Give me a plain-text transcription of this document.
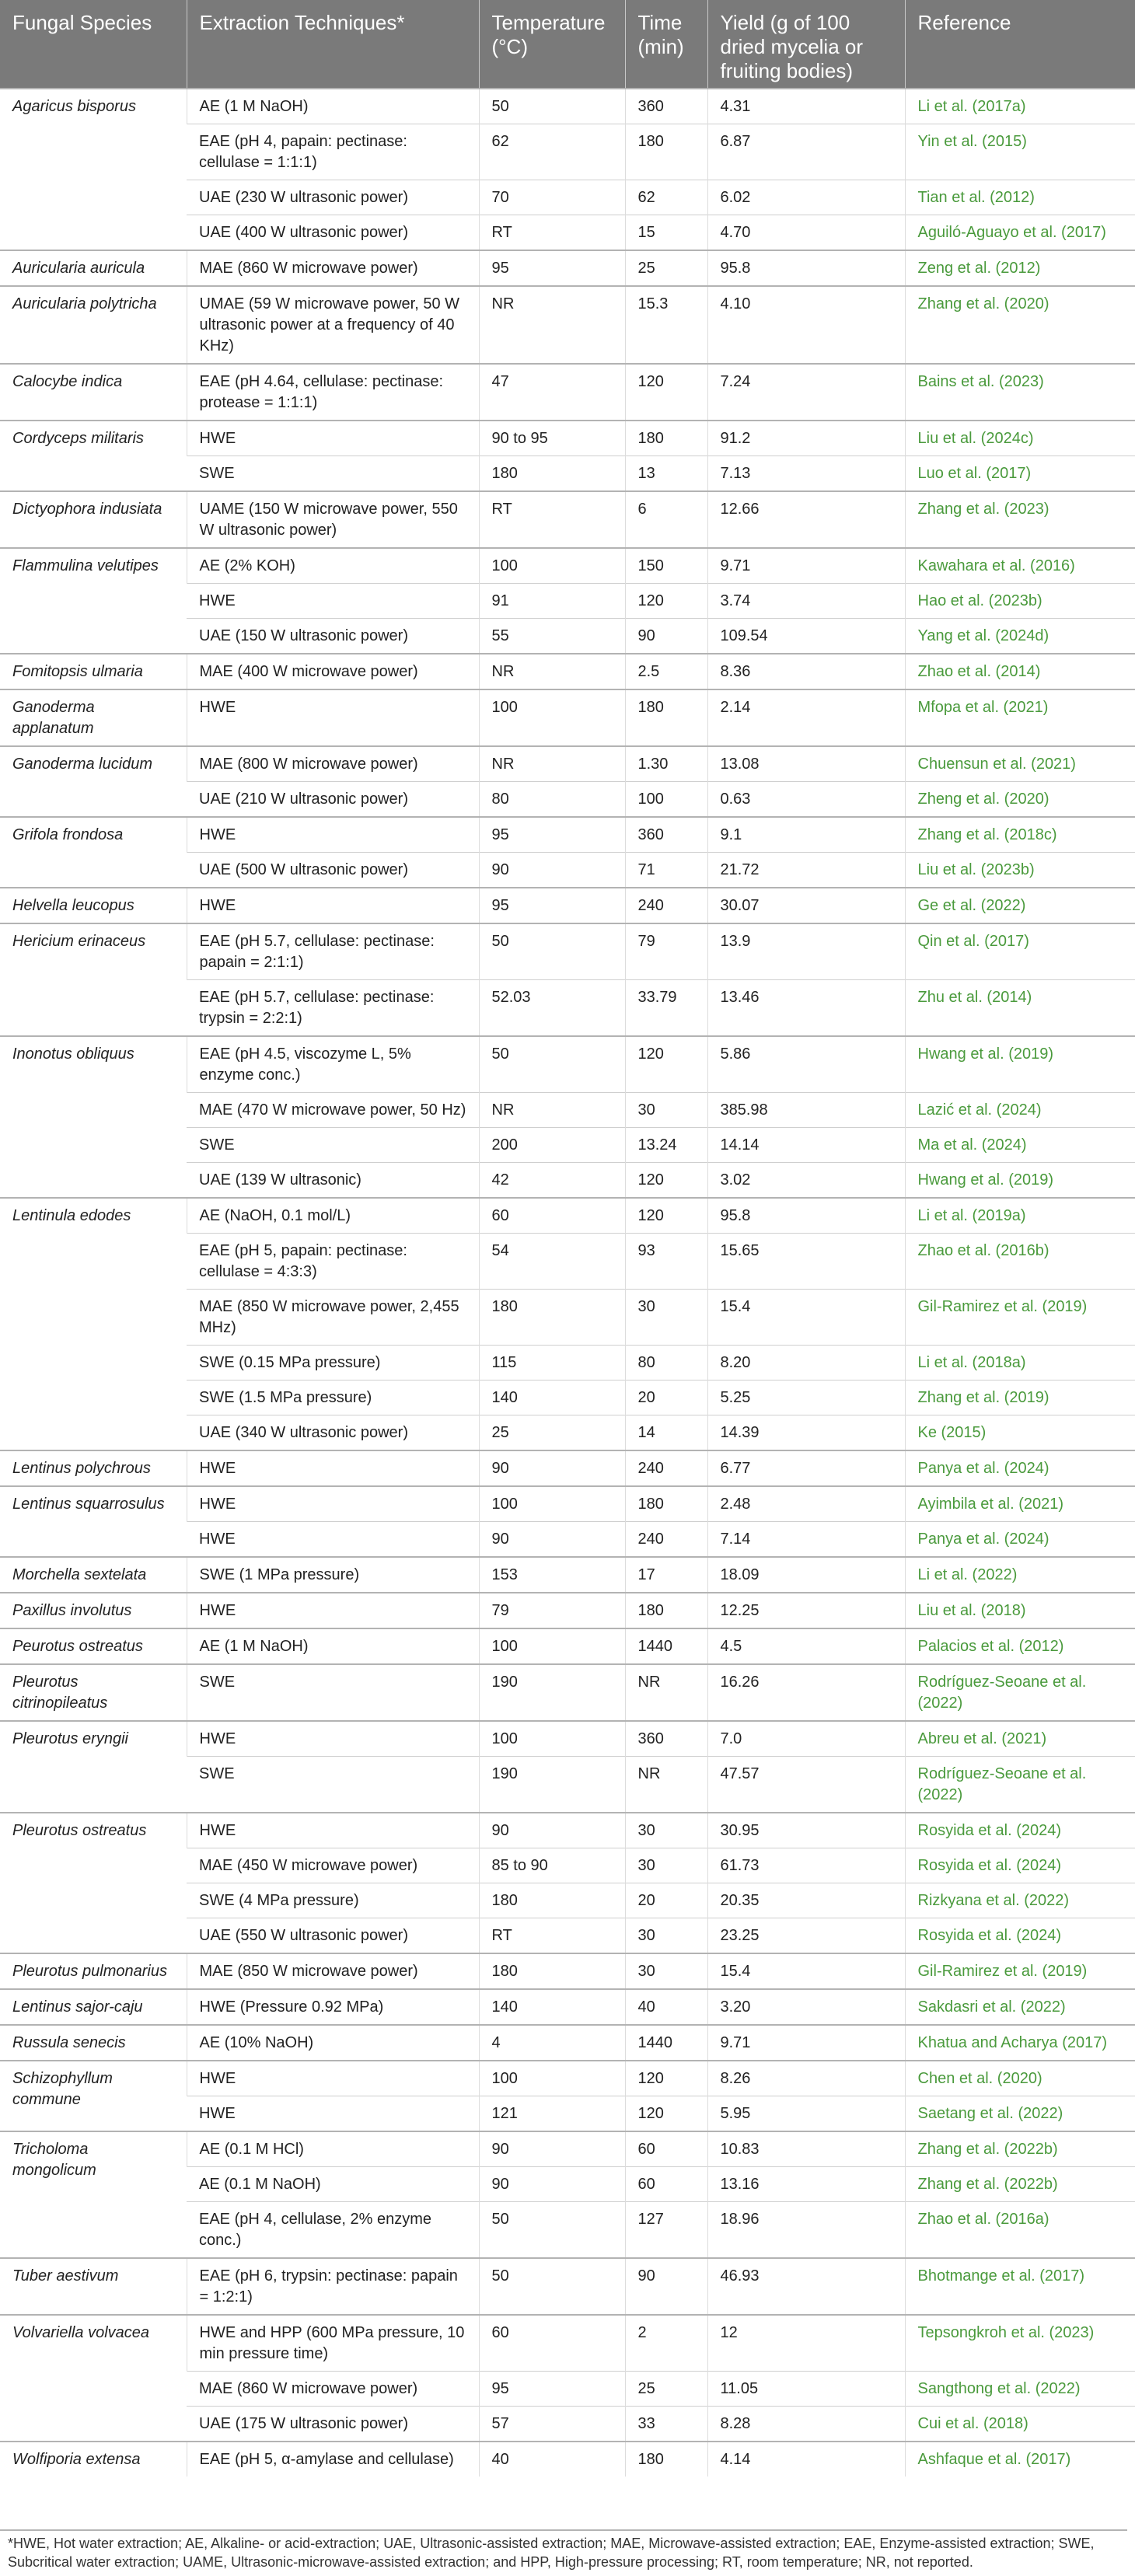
Fungal Species	Extraction Techniques*	Temperature (°C)	Time (min)	Yield (g of 100 dried mycelia or fruiting bodies)	Reference
Agaricus bisporus	AE (1 M NaOH)	50	360	4.31	Li et al. (2017a)
	EAE (pH 4, papain: pectinase: cellulase = 1:1:1)	62	180	6.87	Yin et al. (2015)
	UAE (230 W ultrasonic power)	70	62	6.02	Tian et al. (2012)
	UAE (400 W ultrasonic power)	RT	15	4.70	Aguiló-Aguayo et al. (2017)
Auricularia auricula	MAE (860 W microwave power)	95	25	95.8	Zeng et al. (2012)
Auricularia polytricha	UMAE (59 W microwave power, 50 W ultrasonic power at a frequency of 40 KHz)	NR	15.3	4.10	Zhang et al. (2020)
Calocybe indica	EAE (pH 4.64, cellulase: pectinase: protease = 1:1:1)	47	120	7.24	Bains et al. (2023)
Cordyceps militaris	HWE	90 to 95	180	91.2	Liu et al. (2024c)
	SWE	180	13	7.13	Luo et al. (2017)
Dictyophora indusiata	UAME (150 W microwave power, 550 W ultrasonic power)	RT	6	12.66	Zhang et al. (2023)
Flammulina velutipes	AE (2% KOH)	100	150	9.71	Kawahara et al. (2016)
	HWE	91	120	3.74	Hao et al. (2023b)
	UAE (150 W ultrasonic power)	55	90	109.54	Yang et al. (2024d)
Fomitopsis ulmaria	MAE (400 W microwave power)	NR	2.5	8.36	Zhao et al. (2014)
Ganoderma applanatum	HWE	100	180	2.14	Mfopa et al. (2021)
Ganoderma lucidum	MAE (800 W microwave power)	NR	1.30	13.08	Chuensun et al. (2021)
	UAE (210 W ultrasonic power)	80	100	0.63	Zheng et al. (2020)
Grifola frondosa	HWE	95	360	9.1	Zhang et al. (2018c)
	UAE (500 W ultrasonic power)	90	71	21.72	Liu et al. (2023b)
Helvella leucopus	HWE	95	240	30.07	Ge et al. (2022)
Hericium erinaceus	EAE (pH 5.7, cellulase: pectinase: papain = 2:1:1)	50	79	13.9	Qin et al. (2017)
	EAE (pH 5.7, cellulase: pectinase: trypsin = 2:2:1)	52.03	33.79	13.46	Zhu et al. (2014)
Inonotus obliquus	EAE (pH 4.5, viscozyme L, 5% enzyme conc.)	50	120	5.86	Hwang et al. (2019)
	MAE (470 W microwave power, 50 Hz)	NR	30	385.98	Lazić et al. (2024)
	SWE	200	13.24	14.14	Ma et al. (2024)
	UAE (139 W ultrasonic)	42	120	3.02	Hwang et al. (2019)
Lentinula edodes	AE (NaOH, 0.1 mol/L)	60	120	95.8	Li et al. (2019a)
	EAE (pH 5, papain: pectinase: cellulase = 4:3:3)	54	93	15.65	Zhao et al. (2016b)
	MAE (850 W microwave power, 2,455 MHz)	180	30	15.4	Gil-Ramirez et al. (2019)
	SWE (0.15 MPa pressure)	115	80	8.20	Li et al. (2018a)
	SWE (1.5 MPa pressure)	140	20	5.25	Zhang et al. (2019)
	UAE (340 W ultrasonic power)	25	14	14.39	Ke (2015)
Lentinus polychrous	HWE	90	240	6.77	Panya et al. (2024)
Lentinus squarrosulus	HWE	100	180	2.48	Ayimbila et al. (2021)
	HWE	90	240	7.14	Panya et al. (2024)
Morchella sextelata	SWE (1 MPa pressure)	153	17	18.09	Li et al. (2022)
Paxillus involutus	HWE	79	180	12.25	Liu et al. (2018)
Peurotus ostreatus	AE (1 M NaOH)	100	1440	4.5	Palacios et al. (2012)
Pleurotus citrinopileatus	SWE	190	NR	16.26	Rodríguez-Seoane et al. (2022)
Pleurotus eryngii	HWE	100	360	7.0	Abreu et al. (2021)
	SWE	190	NR	47.57	Rodríguez-Seoane et al. (2022)
Pleurotus ostreatus	HWE	90	30	30.95	Rosyida et al. (2024)
	MAE (450 W microwave power)	85 to 90	30	61.73	Rosyida et al. (2024)
	SWE (4 MPa pressure)	180	20	20.35	Rizkyana et al. (2022)
	UAE (550 W ultrasonic power)	RT	30	23.25	Rosyida et al. (2024)
Pleurotus pulmonarius	MAE (850 W microwave power)	180	30	15.4	Gil-Ramirez et al. (2019)
Lentinus sajor-caju	HWE (Pressure 0.92 MPa)	140	40	3.20	Sakdasri et al. (2022)
Russula senecis	AE (10% NaOH)	4	1440	9.71	Khatua and Acharya (2017)
Schizophyllum commune	HWE	100	120	8.26	Chen et al. (2020)
	HWE	121	120	5.95	Saetang et al. (2022)
Tricholoma mongolicum	AE (0.1 M HCl)	90	60	10.83	Zhang et al. (2022b)
	AE (0.1 M NaOH)	90	60	13.16	Zhang et al. (2022b)
	EAE (pH 4, cellulase, 2% enzyme conc.)	50	127	18.96	Zhao et al. (2016a)
Tuber aestivum	EAE (pH 6, trypsin: pectinase: papain = 1:2:1)	50	90	46.93	Bhotmange et al. (2017)
Volvariella volvacea	HWE and HPP (600 MPa pressure, 10 min pressure time)	60	2	12	Tepsongkroh et al. (2023)
	MAE (860 W microwave power)	95	25	11.05	Sangthong et al. (2022)
	UAE (175 W ultrasonic power)	57	33	8.28	Cui et al. (2018)
Wolfiporia extensa	EAE (pH 5, α-amylase and cellulase)	40	180	4.14	Ashfaque et al. (2017)
*HWE, Hot water extraction; AE, Alkaline- or acid-extraction; UAE, Ultrasonic-assisted extraction; MAE, Microwave-assisted extraction; EAE, Enzyme-assisted extraction; SWE, Subcritical water extraction; UAME, Ultrasonic-microwave-assisted extraction; and HPP, High-pressure processing; RT, room temperature; NR, not reported.
